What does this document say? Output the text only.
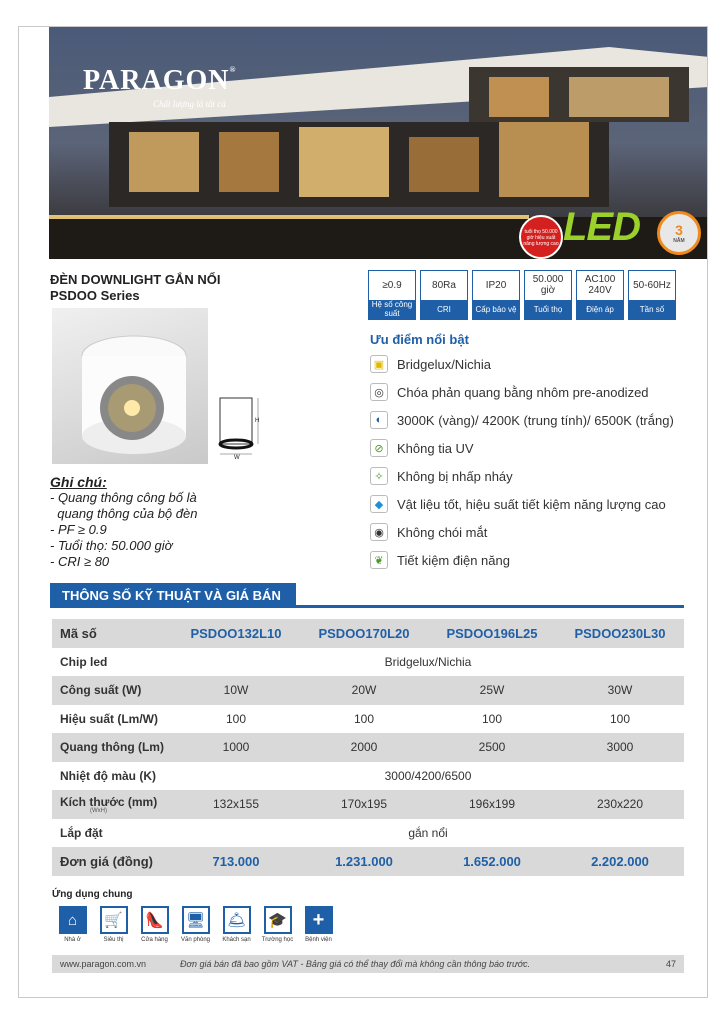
PARAGON®
Chất lượng là tất cả
tuổi thọ 50.000 giờ hiệu suất năng lượng cao LED	3
NĂM
ĐÈN DOWNLIGHT GẮN NỔI
PSDOO Series
H
W
Ghi chú:
- Quang thông công bố là
quang thông của bộ đèn
- PF ≥ 0.9
- Tuổi thọ: 50.000 giờ
- CRI ≥ 80
≥0.9
Hệ số công suất
80Ra
CRI
IP20
Cấp bảo vệ
50.000 giờ
Tuổi thọ
AC100 240V
Điện áp
50-60Hz
Tần số
Ưu điểm nổi bật
▣ Bridgelux/Nichia
◎	Chóa phản quang bằng nhôm pre-anodized
◐	3000K (vàng)/ 4200K (trung tính)/ 6500K (trắng)
⊘	Không tia UV
✧	Không bị nhấp nháy
◆	Vật liệu tốt, hiệu suất tiết kiệm năng lượng cao
◉	Không chói mắt
❦	Tiết kiệm điện năng
THÔNG SỐ KỸ THUẬT VÀ GIÁ BÁN
Mã số	PSDOO132L10	PSDOO170L20	PSDOO196L25	PSDOO230L30
Chip led	Bridgelux/Nichia			
Công suất (W)	10W	20W	25W	30W
Hiệu suất (Lm/W)	100	100	100	100
Quang thông (Lm)	1000	2000	2500	3000
Nhiệt độ màu (K)	3000/4200/6500			
Kích thước (mm)
(WxH)	132x155	170x195	196x199	230x220
Lắp đặt	gắn nổi			
Đơn giá (đồng)	713.000	1.231.000	1.652.000	2.202.000
Ứng dụng chung
⌂
Nhà ở
🛒
Siêu thị
👠
Cửa hàng
🖥
Văn phòng
🛎
Khách sạn
🎓
Trường học
+
Bệnh viện
www.paragon.com.vn	Đơn giá bán đã bao gồm VAT - Bảng giá có thể thay đổi mà không cần thông báo trước.	47
